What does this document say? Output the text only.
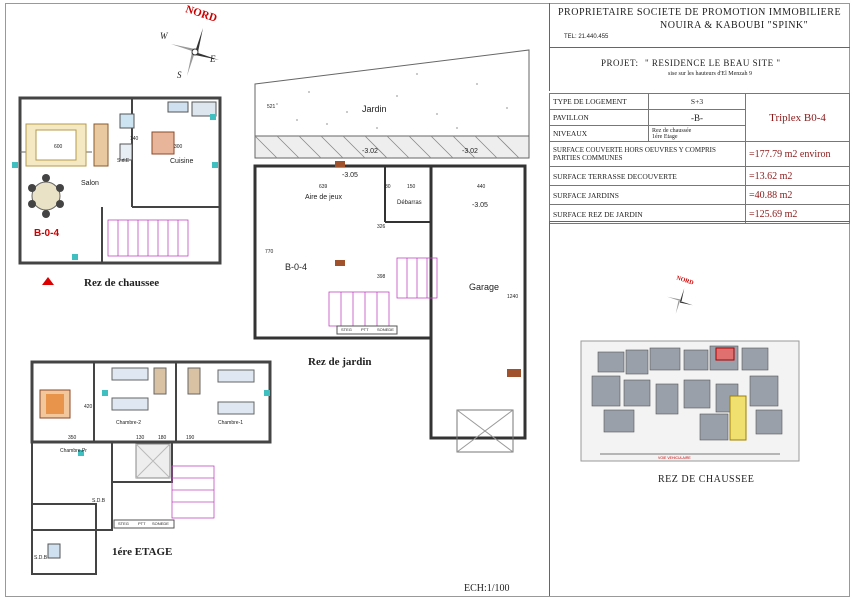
PROPRIETAIRE :
SOCIETE DE PROMOTION IMMOBILIERE
NOUIRA & KABOUBI "SPINK"
TEL: 21.440.455
PROJET: " RESIDENCE LE BEAU SITE "
sise sur les hauteurs d'El Menzah 9
TYPE DE LOGEMENT	S+3	Triplex B0-4
PAVILLON	-B-	
NIVEAUX	Rez de chaussée
1ére Etage	

SURFACE COUVERTE HORS OEUVRES Y COMPRIS PARTIES COMMUNES		=177.79 m2 environ
SURFACE TERRASSE DECOUVERTE		=13.62 m2
SURFACE JARDINS		=40.88 m2
SURFACE REZ DE JARDIN		=125.69 m2
NORD
W
E
S
Salon
Cuisine
S.d.E
600
140
300
B-0-4
Rez de chaussee
Jardin
Aire de jeux
Débarras
Garage
B-0-4
-3.05
-3.05
-3.02	-3.02
639	80	150	440
770
398
326
1240
521
STEG PTT SONEDE
Rez de jardin
Chambre-2	Chambre-1
Chambre.Pr
S.D.B
S.D.B
350	130	180	190
420
STEG PTT SONEDE
1ére ETAGE
NORD
VOIE VEHICULAIRE
REZ DE CHAUSSEE
ECH:1/100
